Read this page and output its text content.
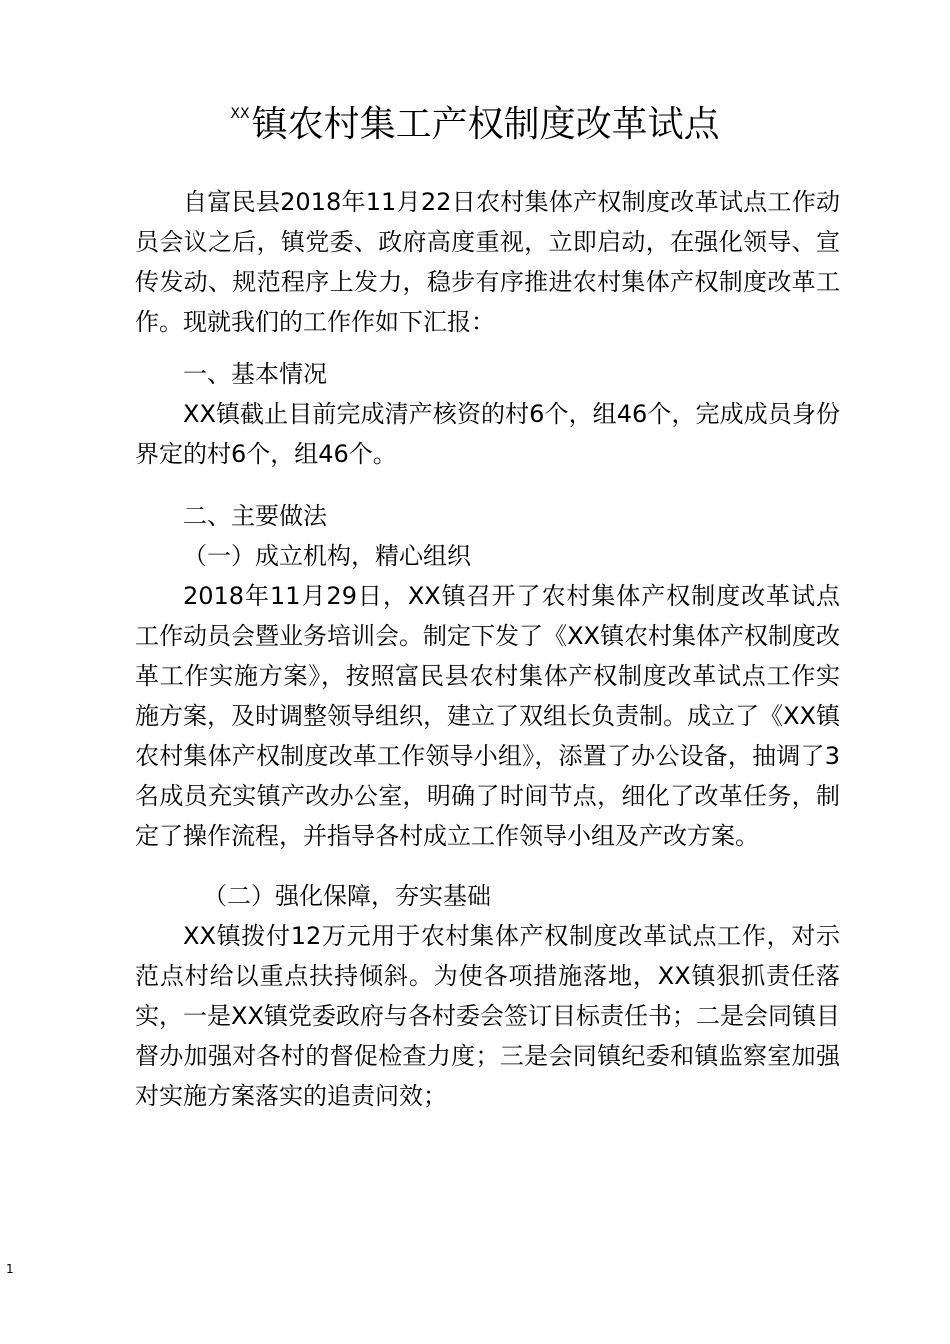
$^{XX}$镇农村集工产权制度改革试点

自富民县2018年11月22日农村集体产权制度改革试点工作动员会议之后，镇党委、政府高度重视，立即启动，在强化领导、宣传发动、规范程序上发力，稳步有序推进农村集体产权制度改革工作。现就我们的工作作如下汇报：

一、基本情况

XX镇截止目前完成清产核资的村6个，组46个，完成成员身份界定的村6个，组46个。

二、主要做法

（一）成立机构，精心组织

2018年11月29日，XX镇召开了农村集体产权制度改革试点工作动员会暨业务培训会。制定下发了《XX镇农村集体产权制度改革工作实施方案》，按照富民县农村集体产权制度改革试点工作实施方案，及时调整领导组织，建立了双组长负责制。成立了《XX镇农村集体产权制度改革工作领导小组》，添置了办公设备，抽调了3名成员充实镇产改办公室，明确了时间节点，细化了改革任务，制定了操作流程，并指导各村成立工作领导小组及产改方案。

（二）强化保障，夯实基础

XX镇拨付12万元用于农村集体产权制度改革试点工作，对示范点村给以重点扶持倾斜。为使各项措施落地，XX镇狠抓责任落实，一是XX镇党委政府与各村委会签订目标责任书；二是会同镇目督办加强对各村的督促检查力度；三是会同镇纪委和镇监察室加强对实施方案落实的追责问效；

1
